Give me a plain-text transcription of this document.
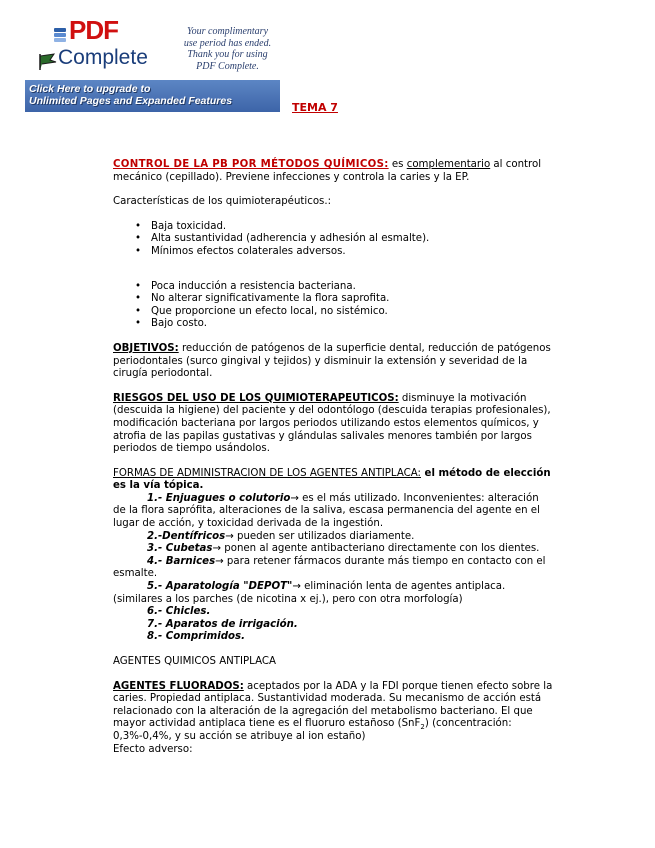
PDF
Complete
Your complimentary
use period has ended.
Thank you for using
PDF Complete.
Click Here to upgrade to
Unlimited Pages and Expanded Features	TEMA 7

CONTROL DE LA PB POR MÉTODOS QUÍMICOS: es complementario al control mecánico (cepillado). Previene infecciones y controla la caries y la EP.

Características de los quimioterapéuticos.:

• Baja toxicidad.
• Alta sustantividad (adherencia y adhesión al esmalte).
• Mínimos efectos colaterales adversos.
• Poca inducción a resistencia bacteriana.
• No alterar significativamente la flora saprofita.
• Que proporcione un efecto local, no sistémico.
• Bajo costo.

OBJETIVOS: reducción de patógenos de la superficie dental, reducción de patógenos periodontales (surco gingival y tejidos) y disminuir la extensión y severidad de la cirugía periodontal.

RIESGOS DEL USO DE LOS QUIMIOTERAPEUTICOS: disminuye la motivación (descuida la higiene) del paciente y del odontólogo (descuida terapias profesionales), modificación bacteriana por largos periodos utilizando estos elementos químicos, y atrofia de las papilas gustativas y glándulas salivales menores también por largos periodos de tiempo usándolos.

FORMAS DE ADMINISTRACION DE LOS AGENTES ANTIPLACA: el método de elección es la vía tópica.

1.- Enjuagues o colutorio→ es el más utilizado. Inconvenientes: alteración de la flora saprófita, alteraciones de la saliva, escasa permanencia del agente en el lugar de acción, y toxicidad derivada de la ingestión.

2.-Dentífricos→ pueden ser utilizados diariamente.

3.- Cubetas→ ponen al agente antibacteriano directamente con los dientes.

4.- Barnices→ para retener fármacos durante más tiempo en contacto con el esmalte.

5.- Aparatología "DEPOT"→ eliminación lenta de agentes antiplaca. (similares a los parches (de nicotina x ej.), pero con otra morfología)

6.- Chicles.

7.- Aparatos de irrigación.

8.- Comprimidos.

AGENTES QUIMICOS ANTIPLACA

AGENTES FLUORADOS: aceptados por la ADA y la FDI porque tienen efecto sobre la caries. Propiedad antiplaca. Sustantividad moderada. Su mecanismo de acción está relacionado con la alteración de la agregación del metabolismo bacteriano. El que mayor actividad antiplaca tiene es el fluoruro estañoso (SnF$_2$) (concentración: 0,3%-0,4%, y su acción se atribuye al ion estaño)

Efecto adverso:
